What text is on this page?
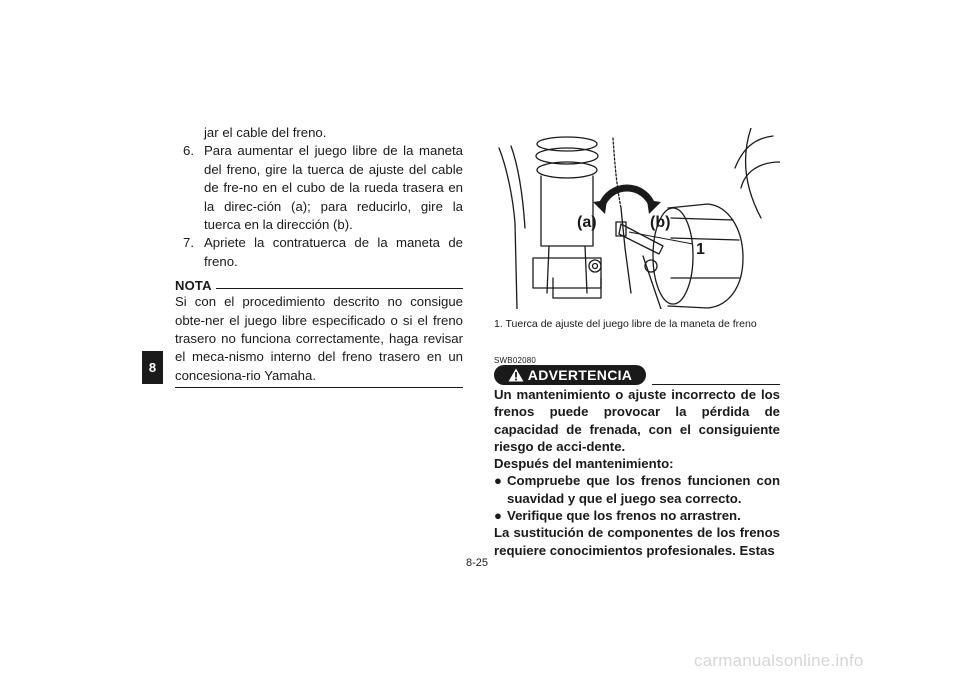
8
jar el cable del freno.
6. Para aumentar el juego libre de la maneta del freno, gire la tuerca de ajuste del cable de fre-no en el cubo de la rueda trasera en la direc-ción (a); para reducirlo, gire la tuerca en la dirección (b).
7. Apriete la contratuerca de la maneta de freno.
NOTA
Si con el procedimiento descrito no consigue obte-ner el juego libre especificado o si el freno trasero no funciona correctamente, haga revisar el meca-nismo interno del freno trasero en un concesiona-rio Yamaha.
(a)	(b)
1
1. Tuerca de ajuste del juego libre de la maneta de freno
SWB02080
ADVERTENCIA
Un mantenimiento o ajuste incorrecto de los frenos puede provocar la pérdida de capacidad de frenada, con el consiguiente riesgo de acci-dente.
Después del mantenimiento:
● Compruebe que los frenos funcionen con suavidad y que el juego sea correcto.
● Verifique que los frenos no arrastren.
La sustitución de componentes de los frenos requiere conocimientos profesionales. Estas
8-25
carmanualsonline.info
